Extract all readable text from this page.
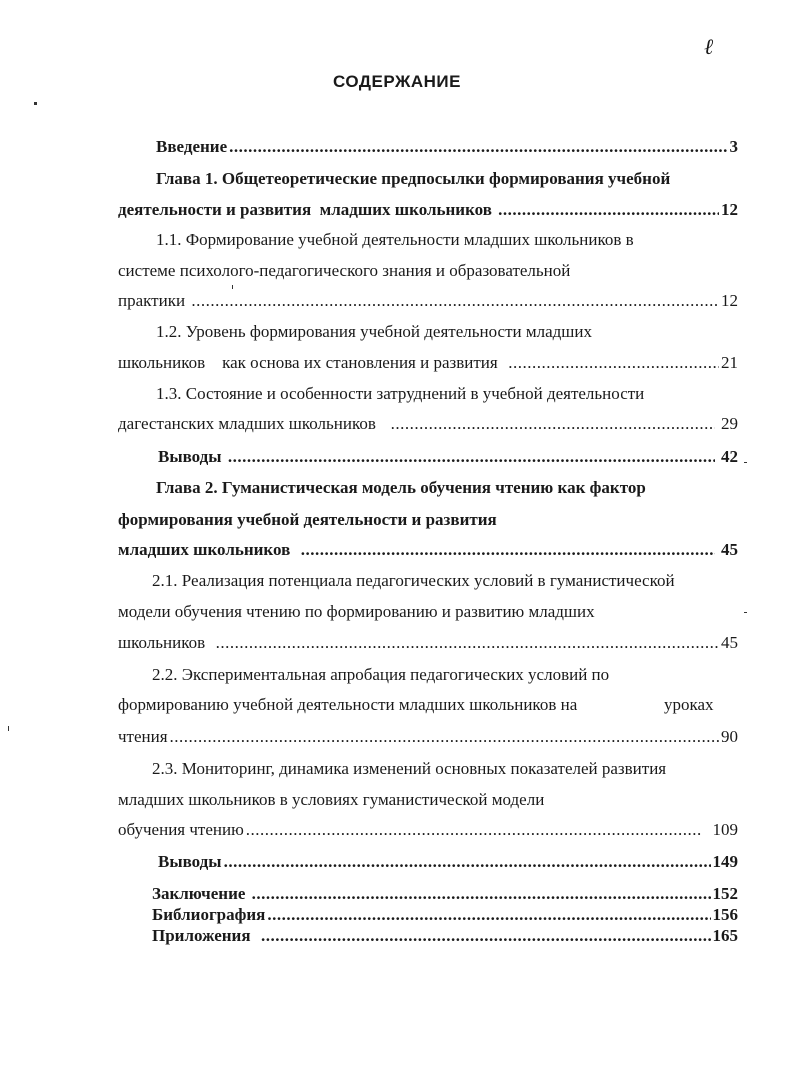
ℓ
СОДЕРЖАНИЕ
Введение .....	3
Глава 1. Общетеоретические предпосылки формирования учебной
деятельности и развития  младших школьников .....	12
1.1. Формирование учебной деятельности младших школьников в
системе психолого-педагогического знания и образовательной
практики .....	12
1.2. Уровень формирования учебной деятельности младших
школьников    как основа их становления и развития .....	21
1.3. Состояние и особенности затруднений в учебной деятельности
дагестанских младших школьников .....	29
Выводы .....	42
Глава 2. Гуманистическая модель обучения чтению как фактор
формирования учебной деятельности и развития
младших школьников .....	45
2.1. Реализация потенциала педагогических условий в гуманистической
модели обучения чтению по формированию и развитию младших
школьников .....	45
2.2. Экспериментальная апробация педагогических условий по
формированию учебной деятельности младших школьников на	уроках
чтения .....	90
2.3. Мониторинг, динамика изменений основных показателей развития
младших школьников в условиях гуманистической модели
обучения чтению .....	109
Выводы .....	149
Заключение .....	152
Библиография .....	156
Приложения .....	165
